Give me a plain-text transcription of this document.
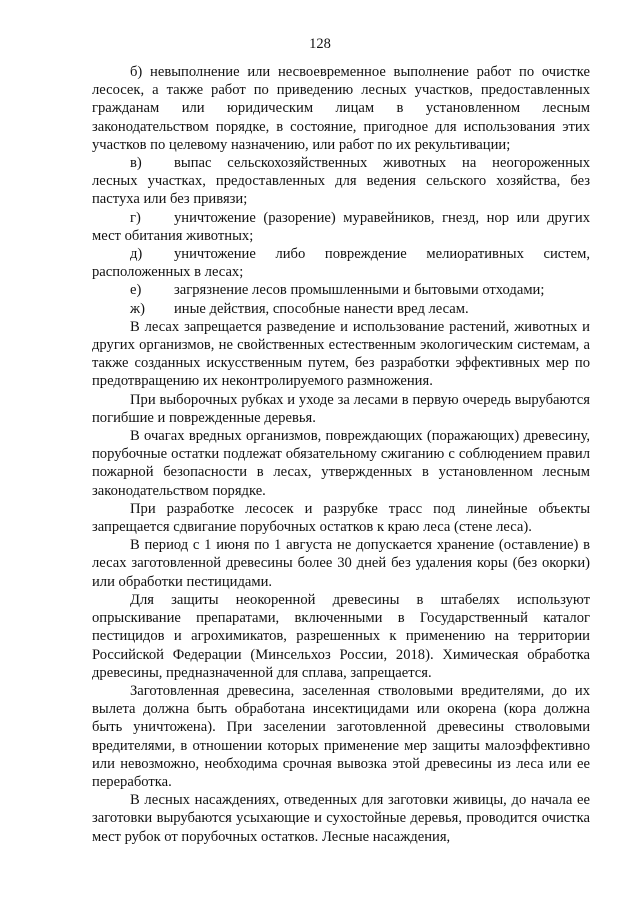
128

б) невыполнение или несвоевременное выполнение работ по очистке лесосек, а также работ по приведению лесных участков, предоставленных гражданам или юридическим лицам в установленном лесным законодательством порядке, в состояние, пригодное для использования этих участков по целевому назначению, или работ по их рекультивации;

в) выпас сельскохозяйственных животных на неогороженных лесных участках, предоставленных для ведения сельского хозяйства, без пастуха или без привязи;

г) уничтожение (разорение) муравейников, гнезд, нор или других мест обитания животных;

д) уничтожение либо повреждение мелиоративных систем, расположенных в лесах;

е) загрязнение лесов промышленными и бытовыми отходами;

ж) иные действия, способные нанести вред лесам.

В лесах запрещается разведение и использование растений, животных и других организмов, не свойственных естественным экологическим системам, а также созданных искусственным путем, без разработки эффективных мер по предотвращению их неконтролируемого размножения.

При выборочных рубках и уходе за лесами в первую очередь вырубаются погибшие и поврежденные деревья.

В очагах вредных организмов, повреждающих (поражающих) древесину, порубочные остатки подлежат обязательному сжиганию с соблюдением правил пожарной безопасности в лесах, утвержденных в установленном лесным законодательством порядке.

При разработке лесосек и разрубке трасс под линейные объекты запрещается сдвигание порубочных остатков к краю леса (стене леса).

В период с 1 июня по 1 августа не допускается хранение (оставление) в лесах заготовленной древесины более 30 дней без удаления коры (без окорки) или обработки пестицидами.

Для защиты неокоренной древесины в штабелях используют опрыскивание препаратами, включенными в Государственный каталог пестицидов и агрохимикатов, разрешенных к применению на территории Российской Федерации (Минсельхоз России, 2018). Химическая обработка древесины, предназначенной для сплава, запрещается.

Заготовленная древесина, заселенная стволовыми вредителями, до их вылета должна быть обработана инсектицидами или окорена (кора должна быть уничтожена). При заселении заготовленной древесины стволовыми вредителями, в отношении которых применение мер защиты малоэффективно или невозможно, необходима срочная вывозка этой древесины из леса или ее переработка.

В лесных насаждениях, отведенных для заготовки живицы, до начала ее заготовки вырубаются усыхающие и сухостойные деревья, проводится очистка мест рубок от порубочных остатков. Лесные насаждения,
